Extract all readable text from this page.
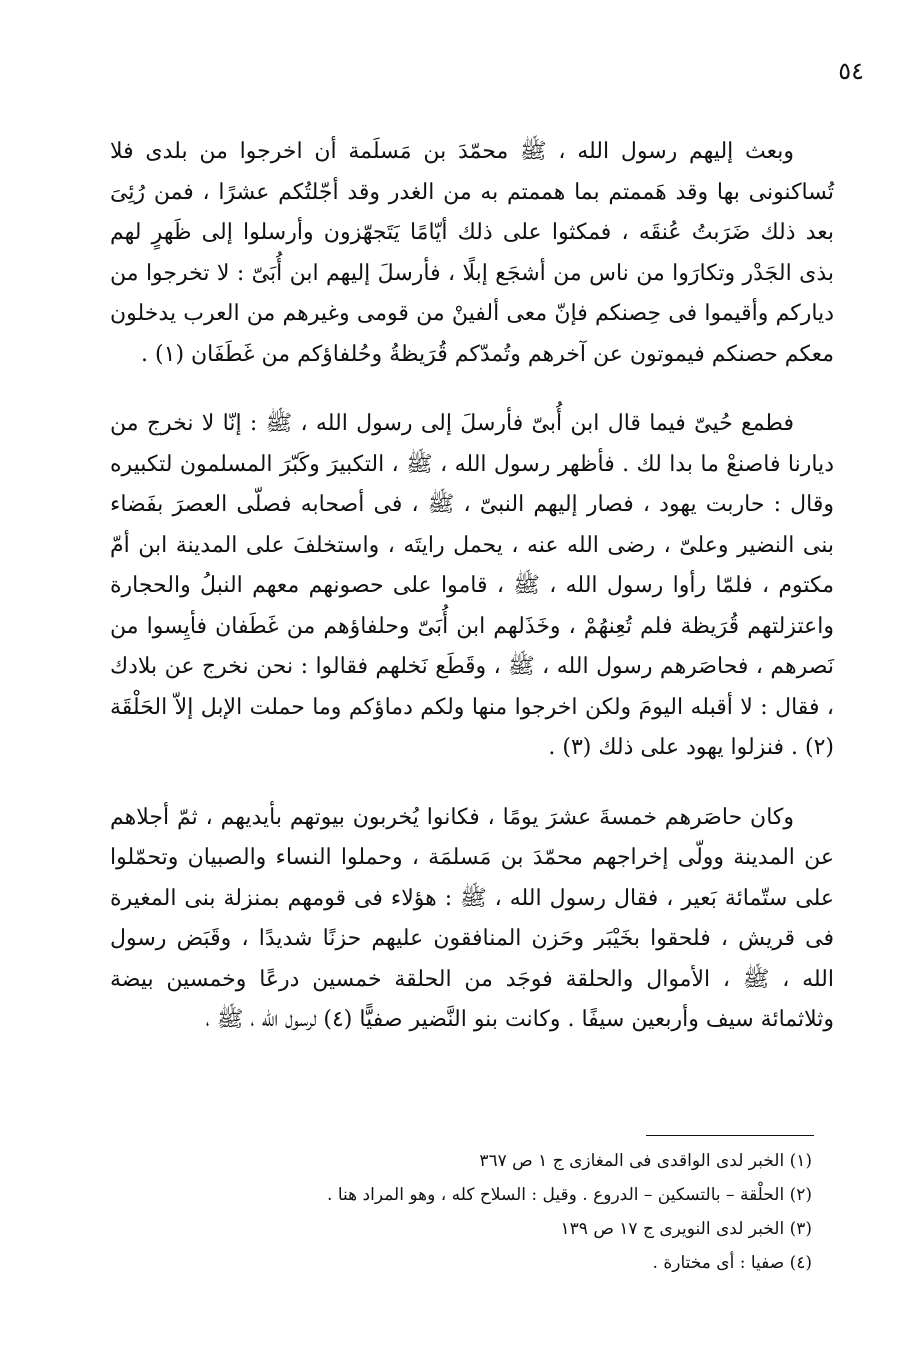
٥٤

وبعث إليهم رسول الله ، ﷺ محمّدَ بن مَسلَمة أن اخرجوا من بلدى فلا تُساكنونى بها وقد هَممتم بما هممتم به من الغدر وقد أجّلتُكم عشرًا ، فمن رُئِىَ بعد ذلك ضَرَبتُ عُنقَه ، فمكثوا على ذلك أيّامًا يَتَجهّزون وأرسلوا إلى ظَهرٍ لهم بذى الجَدْر وتكارَوا من ناس من أشجَع إبلًا ، فأرسلَ إليهم ابن أُبَىّ : لا تخرجوا من دياركم وأقيموا فى حِصنكم فإنّ معى ألفينْ من قومى وغيرهم من العرب يدخلون معكم حصنكم فيموتون عن آخرهم وتُمدّكم قُرَيظةُ وحُلفاؤكم من غَطَفَان (١) .

فطمع حُيىّ فيما قال ابن أُبىّ فأرسلَ إلى رسول الله ، ﷺ : إنّا لا نخرج من ديارنا فاصنعْ ما بدا لك . فأظهر رسول الله ، ﷺ ، التكبيرَ وكَبّرَ المسلمون لتكبيره وقال : حاربت يهود ، فصار إليهم النبىّ ، ﷺ ، فى أصحابه فصلّى العصرَ بفَضاء بنى النضير وعلىّ ، رضى الله عنه ، يحمل رايتَه ، واستخلفَ على المدينة ابن أمّ مكتوم ، فلمّا رأوا رسول الله ، ﷺ ، قاموا على حصونهم معهم النبلُ والحجارة واعتزلتهم قُرَيظة فلم تُعِنهُمْ ، وخَذَلهم ابن أُبَىّ وحلفاؤهم من غَطَفان فأيِسوا من نَصرهم ، فحاصَرهم رسول الله ، ﷺ ، وقَطَع نَخلهم فقالوا : نحن نخرج عن بلادك ، فقال : لا أقبله اليومَ ولكن اخرجوا منها ولكم دماؤكم وما حملت الإبل إلاّ الحَلْقَة (٢) . فنزلوا يهود على ذلك (٣) .

وكان حاصَرهم خمسةَ عشرَ يومًا ، فكانوا يُخربون بيوتهم بأيديهم ، ثمّ أجلاهم عن المدينة وولّى إخراجهم محمّدَ بن مَسلمَة ، وحملوا النساء والصبيان وتحمّلوا على ستّمائة بَعير ، فقال رسول الله ، ﷺ : هؤلاء فى قومهم بمنزلة بنى المغيرة فى قريش ، فلحقوا بخَيْبَر وحَزن المنافقون عليهم حزنًا شديدًا ، وقَبَض رسول الله ، ﷺ ، الأموال والحلقة فوجَد من الحلقة خمسين درعًا وخمسين بيضة وثلاثمائة سيف وأربعين سيفًا . وكانت بنو النَّضير صفيًّا (٤) لرسول الله ، ﷺ ،

(١) الخبر لدى الواقدى فى المغازى ج ١ ص ٣٦٧
(٢) الحلْقة – بالتسكين – الدروع . وقيل : السلاح كله ، وهو المراد هنا .
(٣) الخبر لدى النويرى ج ١٧ ص ١٣٩
(٤) صفيا : أى مختارة .
